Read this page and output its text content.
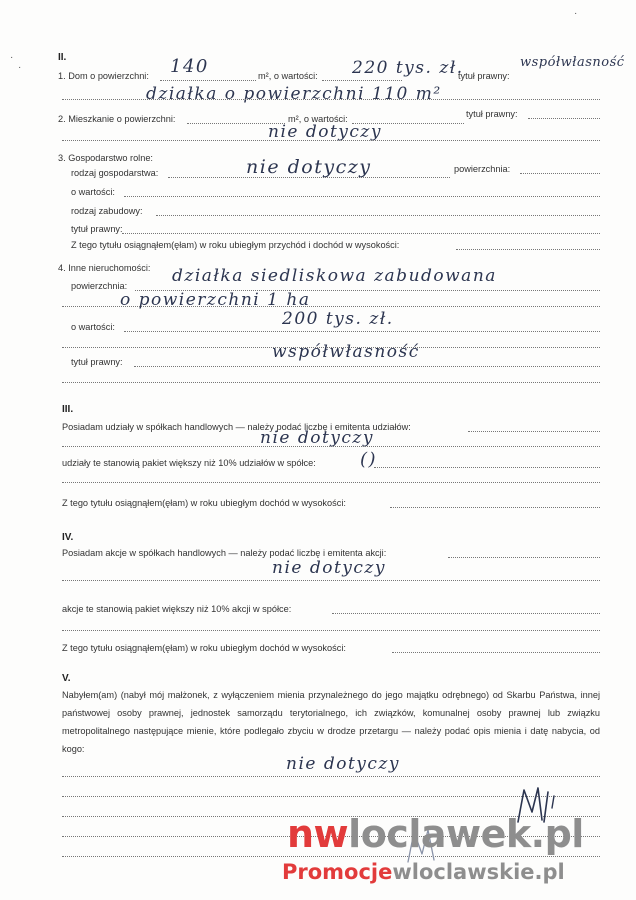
II.
1. Dom o powierzchni: 140	m², o wartości: 220 tys. zł.
tytuł prawny:
współwłasność
działka o powierzchni 110 m²
2. Mieszkanie o powierzchni:	m², o wartości:	tytuł prawny:
nie dotyczy
3. Gospodarstwo rolne:
rodzaj gospodarstwa:	nie dotyczy	powierzchnia:
o wartości:
rodzaj zabudowy:
tytuł prawny:
Z tego tytułu osiągnąłem(ęłam) w roku ubiegłym przychód i dochód w wysokości:
4. Inne nieruchomości:
powierzchnia:	działka siedliskowa zabudowana
o powierzchni 1 ha
o wartości:	200 tys. zł.
tytuł prawny:	współwłasność
III.
Posiadam udziały w spółkach handlowych — należy podać liczbę i emitenta udziałów:
nie dotyczy
udziały te stanowią pakiet większy niż 10% udziałów w spółce: ()
Z tego tytułu osiągnąłem(ęłam) w roku ubiegłym dochód w wysokości:
IV.
Posiadam akcje w spółkach handlowych — należy podać liczbę i emitenta akcji:
nie dotyczy
akcje te stanowią pakiet większy niż 10% akcji w spółce:
Z tego tytułu osiągnąłem(ęłam) w roku ubiegłym dochód w wysokości:
V.
Nabyłem(am) (nabył mój małżonek, z wyłączeniem mienia przynależnego do jego majątku odrębnego) od Skarbu Państwa, innej państwowej osoby prawnej, jednostek samorządu terytorialnego, ich związków, komunalnej osoby prawnej lub związku metropolitalnego następujące mienie, które podlegało zbyciu w drodze przetargu — należy podać opis mienia i datę nabycia, od kogo:
nie dotyczy
·
·
·
nwloclawek.pl
Promocjewloclawskie.pl
